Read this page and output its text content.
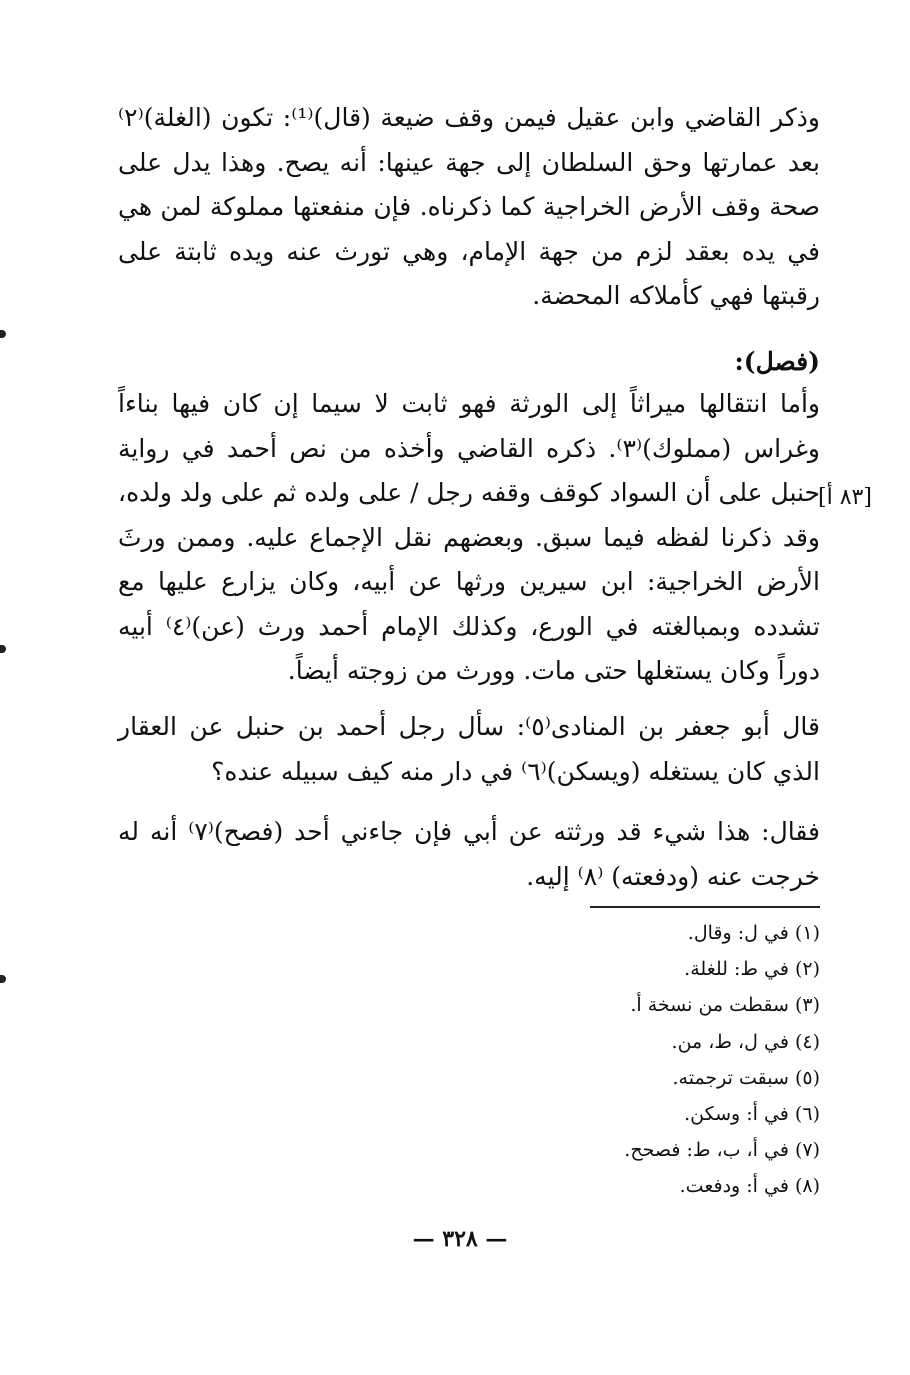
وذكر القاضي وابن عقيل فيمن وقف ضيعة (قال)⁽¹⁾: تكون (الغلة)⁽٢⁾ بعد عمارتها وحق السلطان إلى جهة عينها: أنه يصح. وهذا يدل على صحة وقف الأرض الخراجية كما ذكرناه. فإن منفعتها مملوكة لمن هي في يده بعقد لزم من جهة الإمام، وهي تورث عنه ويده ثابتة على رقبتها فهي كأملاكه المحضة.

(فصل):

وأما انتقالها ميراثاً إلى الورثة فهو ثابت لا سيما إن كان فيها بناءاً وغراس (مملوك)⁽٣⁾. ذكره القاضي وأخذه من نص أحمد في رواية حنبل على أن السواد كوقف وقفه رجل / على ولده ثم على ولد ولده، وقد ذكرنا لفظه فيما سبق. وبعضهم نقل الإجماع عليه. وممن ورثَ الأرض الخراجية: ابن سيرين ورثها عن أبيه، وكان يزارع عليها مع تشدده وبمبالغته في الورع، وكذلك الإمام أحمد ورث (عن)⁽٤⁾ أبيه دوراً وكان يستغلها حتى مات. وورث من زوجته أيضاً.

[٨٣ أ]

قال أبو جعفر بن المنادى⁽٥⁾: سأل رجل أحمد بن حنبل عن العقار الذي كان يستغله (ويسكن)⁽٦⁾ في دار منه كيف سبيله عنده؟

فقال: هذا شيء قد ورثته عن أبي فإن جاءني أحد (فصح)⁽٧⁾ أنه له خرجت عنه (ودفعته) ⁽٨⁾ إليه.

(١) في ل: وقال.
(٢) في ط: للغلة.
(٣) سقطت من نسخة أ.
(٤) في ل، ط، من.
(٥) سبقت ترجمته.
(٦) في أ: وسكن.
(٧) في أ، ب، ط: فصحح.
(٨) في أ: ودفعت.
— ٣٢٨ —
